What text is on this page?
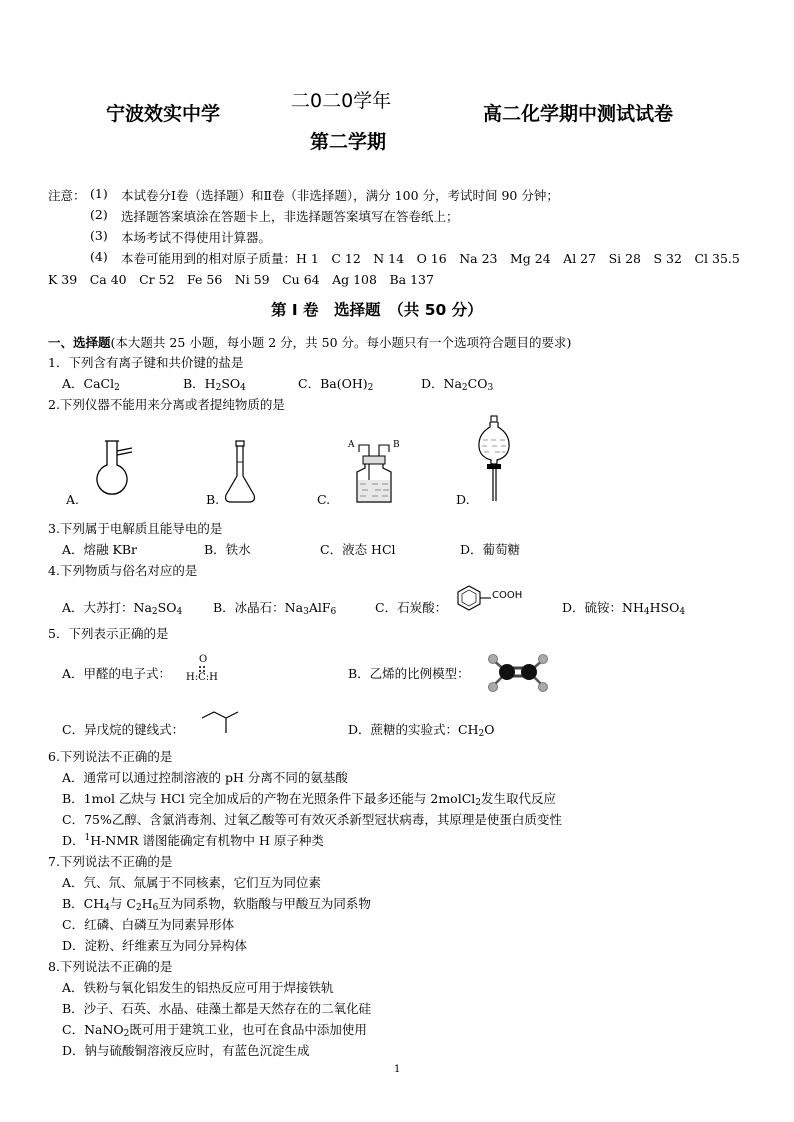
宁波效实中学
二0二0学年
第二学期
高二化学期中测试试卷
注意： (1) 本试卷分Ⅰ卷（选择题）和Ⅱ卷（非选择题），满分 100 分，考试时间 90 分钟；
(2) 选择题答案填涂在答题卡上，非选择题答案填写在答卷纸上；
(3) 本场考试不得使用计算器。
(4) 本卷可能用到的相对原子质量：H 1　C 12　N 14　O 16　Na 23　Mg 24　Al 27　Si 28　S 32　Cl 35.5
K 39　Ca 40　Cr 52　Fe 56　Ni 59　Cu 64　Ag 108　Ba 137
第 I 卷　选择题　（共 50 分）
一、选择题(本大题共 25 小题，每小题 2 分，共 50 分。每小题只有一个选项符合题目的要求)
1．下列含有离子键和共价键的盐是
A．CaCl$_2$	B．$H_2SO_4$	C．$Ba(OH)_2$	D．$Na_2CO_3$
2.下列仪器不能用来分离或者提纯物质的是
A.	B.	C.	D.
A	B
3.下列属于电解质且能导电的是
A．熔融 KBr	B．铁水	C．液态 HCl	D．葡萄糖
4.下列物质与俗名对应的是
A．大苏打：$Na_2SO_4$ B．冰晶石：$Na_3AlF_6$	C．石炭酸：
COOH
D．硫铵：$NH_4HSO_4$
5．下列表示正确的是
A．甲醛的电子式：
O
H:C:H	B．乙烯的比例模型：
C．异戊烷的键线式：	D．蔗糖的实验式：$CH_2O$
6.下列说法不正确的是
A．通常可以通过控制溶液的 pH 分离不同的氨基酸
B．1mol 乙炔与 HCl 完全加成后的产物在光照条件下最多还能与 2molCl$_2$发生取代反应
C．75%乙醇、含氯消毒剂、过氧乙酸等可有效灭杀新型冠状病毒，其原理是使蛋白质变性
D．$^1$H-NMR 谱图能确定有机物中 H 原子种类
7.下列说法不正确的是
A．氕、氘、氚属于不同核素，它们互为同位素
B．$CH_4$与 $C_2H_6$互为同系物，软脂酸与甲酸互为同系物
C．红磷、白磷互为同素异形体
D．淀粉、纤维素互为同分异构体
8.下列说法不正确的是
A．铁粉与氧化铝发生的铝热反应可用于焊接铁轨
B．沙子、石英、水晶、硅藻土都是天然存在的二氧化硅
C．NaNO$_2$既可用于建筑工业，也可在食品中添加使用
D．钠与硫酸铜溶液反应时，有蓝色沉淀生成
1
